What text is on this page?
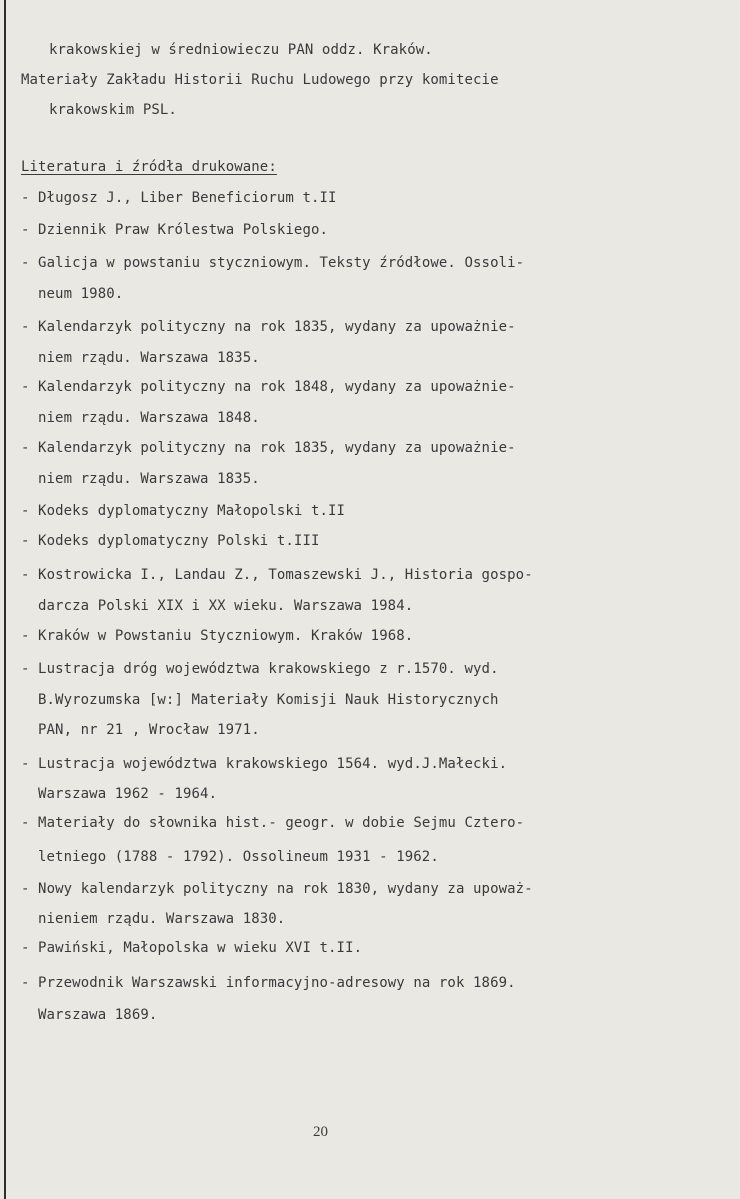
krakowskiej w średniowieczu PAN oddz. Kraków.
Materiały Zakładu Historii Ruchu Ludowego przy komitecie
krakowskim PSL.
Literatura i źródła drukowane:
- Długosz J., Liber Beneficiorum t.II
- Dziennik Praw Królestwa Polskiego.
- Galicja w powstaniu styczniowym. Teksty źródłowe. Ossoli-
neum 1980.
- Kalendarzyk polityczny na rok 1835, wydany za upoważnie-
niem rządu. Warszawa 1835.
- Kalendarzyk polityczny na rok 1848, wydany za upoważnie-
niem rządu. Warszawa 1848.
- Kalendarzyk polityczny na rok 1835, wydany za upoważnie-
niem rządu. Warszawa 1835.
- Kodeks dyplomatyczny Małopolski t.II
- Kodeks dyplomatyczny Polski t.III
- Kostrowicka I., Landau Z., Tomaszewski J., Historia gospo-
darcza Polski XIX i XX wieku. Warszawa 1984.
- Kraków w Powstaniu Styczniowym. Kraków 1968.
- Lustracja dróg województwa krakowskiego z r.1570. wyd.
B.Wyrozumska [w:] Materiały Komisji Nauk Historycznych
PAN, nr 21 , Wrocław 1971.
- Lustracja województwa krakowskiego 1564. wyd.J.Małecki.
Warszawa 1962 - 1964.
- Materiały do słownika hist.- geogr. w dobie Sejmu Cztero-
letniego (1788 - 1792). Ossolineum 1931 - 1962.
- Nowy kalendarzyk polityczny na rok 1830, wydany za upoważ-
nieniem rządu. Warszawa 1830.
- Pawiński, Małopolska w wieku XVI t.II.
- Przewodnik Warszawski informacyjno-adresowy na rok 1869.
Warszawa 1869.
20
